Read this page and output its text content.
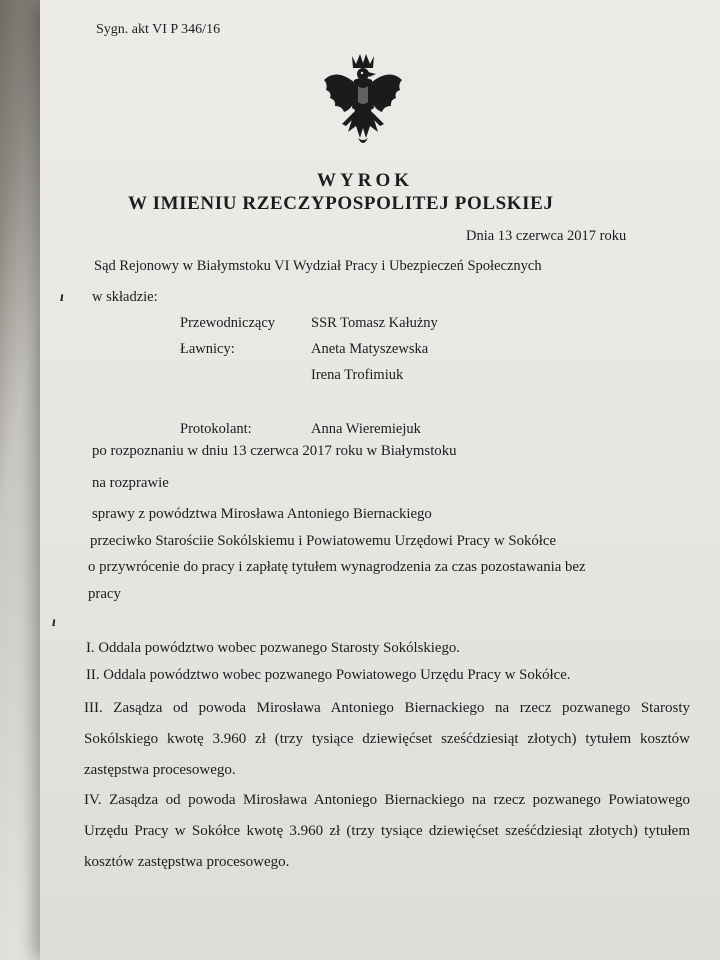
Sygn. akt VI P 346/16
WYROK
W IMIENIU RZECZYPOSPOLITEJ POLSKIEJ
Dnia 13 czerwca 2017 roku
Sąd Rejonowy w Białymstoku VI Wydział Pracy i Ubezpieczeń Społecznych
ı w składzie:
Przewodniczący SSR Tomasz Kałużny
Ławnicy:	Aneta Matyszewska
Irena Trofimiuk
Protokolant:	Anna Wieremiejuk
po rozpoznaniu w dniu 13 czerwca 2017 roku w Białymstoku
na rozprawie
sprawy z powództwa Mirosława Antoniego Biernackiego
przeciwko Starościie Sokólskiemu i Powiatowemu Urzędowi Pracy w Sokółce
o przywrócenie do pracy i zapłatę tytułem wynagrodzenia za czas pozostawania bez
pracy
ı
I. Oddala powództwo wobec pozwanego Starosty Sokólskiego.
II. Oddala powództwo wobec pozwanego Powiatowego Urzędu Pracy w Sokółce.
III. Zasądza od powoda Mirosława Antoniego Biernackiego na rzecz pozwanego Starosty Sokólskiego kwotę 3.960 zł (trzy tysiące dziewięćset sześćdziesiąt złotych) tytułem kosztów zastępstwa procesowego.
IV. Zasądza od powoda Mirosława Antoniego Biernackiego na rzecz pozwanego Powiatowego Urzędu Pracy w Sokółce kwotę 3.960 zł (trzy tysiące dziewięćset sześćdziesiąt złotych) tytułem kosztów zastępstwa procesowego.
